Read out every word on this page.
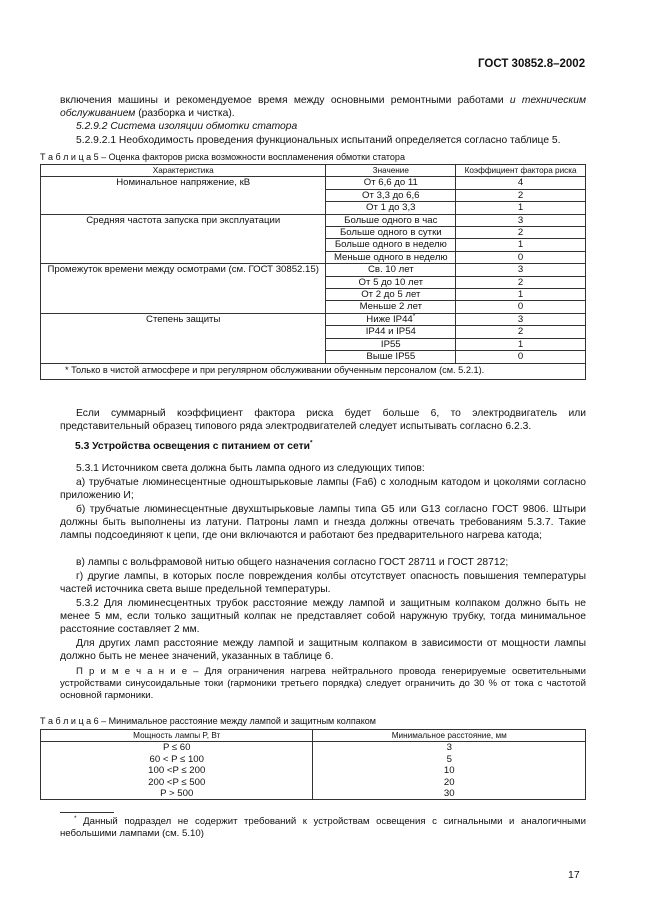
ГОСТ 30852.8–2002
включения машины и рекомендуемое время между основными ремонтными работами и техническим обслуживанием (разборка и чистка).
5.2.9.2 Система изоляции обмотки статора
5.2.9.2.1 Необходимость проведения функциональных испытаний определяется согласно таблице 5.
Т а б л и ц а 5 – Оценка факторов риска возможности воспламенения обмотки статора
Характеристика	Значение	Коэффициент фактора риска
Номинальное напряжение, кВ	От 6,6 до 11	4
	От 3,3 до 6,6	2
	От 1 до 3,3	1
Средняя частота запуска при эксплуатации	Больше одного в час	3
	Больше одного в сутки	2
	Больше одного в неделю	1
	Меньше одного в неделю	0
Промежуток времени между осмотрами (см. ГОСТ 30852.15)	Св. 10 лет	3
	От 5 до 10 лет	2
	От 2 до 5 лет	1
	Меньше 2 лет	0
Степень защиты	Ниже IP44*	3
	IP44 и IP54	2
	IP55	1
	Выше IP55	0
* Только в чистой атмосфере и при регулярном обслуживании обученным персоналом (см. 5.2.1).		
Если суммарный коэффициент фактора риска будет больше 6, то электродвигатель или представительный образец типового ряда электродвигателей следует испытывать согласно 6.2.3.
5.3 Устройства освещения с питанием от сети*
5.3.1 Источником света должна быть лампа одного из следующих типов:
а) трубчатые люминесцентные одноштырьковые лампы (Fa6) с холодным катодом и цоколями согласно приложению И;
б) трубчатые люминесцентные двухштырьковые лампы типа G5 или G13 согласно ГОСТ 9806. Штыри должны быть выполнены из латуни. Патроны ламп и гнезда должны отвечать требованиям 5.3.7. Такие лампы подсоединяют к цепи, где они включаются и работают без предварительного нагрева катода;
в) лампы с вольфрамовой нитью общего назначения согласно ГОСТ 28711 и ГОСТ 28712;
г) другие лампы, в которых после повреждения колбы отсутствует опасность повышения температуры частей источника света выше предельной температуры.
5.3.2 Для люминесцентных трубок расстояние между лампой и защитным колпаком должно быть не менее 5 мм, если только защитный колпак не представляет собой наружную трубку, тогда минимальное расстояние составляет 2 мм.
Для других ламп расстояние между лампой и защитным колпаком в зависимости от мощности лампы должно быть не менее значений, указанных в таблице 6.
П р и м е ч а н и е – Для ограничения нагрева нейтрального провода генерируемые осветительными устройствами синусоидальные токи (гармоники третьего порядка) следует ограничить до 30 % от тока с частотой основной гармоники.
Т а б л и ц а 6 – Минимальное расстояние между лампой и защитным колпаком
Мощность лампы P, Вт	Минимальное расстояние, мм
P ≤ 60	3
60 < P ≤ 100	5
100 <P ≤ 200	10
200 <P ≤ 500	20
P > 500	30
* Данный подраздел не содержит требований к устройствам освещения с сигнальными и аналогичными небольшими лампами (см. 5.10)
17
